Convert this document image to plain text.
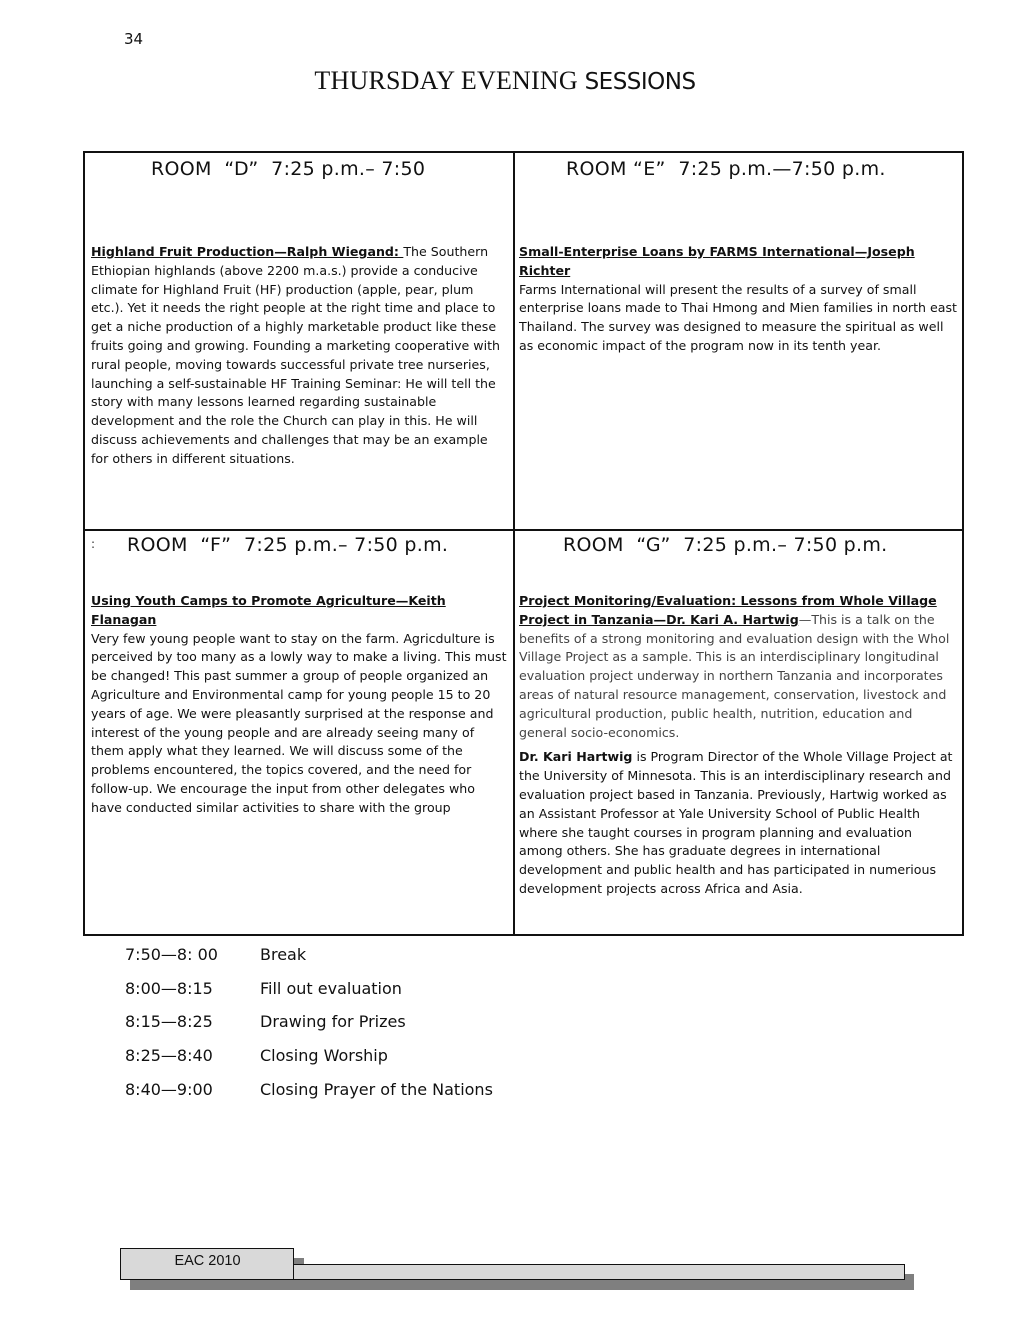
34
THURSDAY EVENING SESSIONS
ROOM  “D”  7:25 p.m.– 7:50

Highland Fruit Production—Ralph Wiegand: The Southern Ethiopian highlands (above 2200 m.a.s.) provide a conducive climate for Highland Fruit (HF) production (apple, pear, plum etc.). Yet it needs the right people at the right time and place to get a niche production of a highly marketable product like these fruits going and growing. Founding a marketing cooperative with rural people, moving towards successful private tree nurseries, launching a self-sustainable HF Training Seminar: He will tell the story with many lessons learned regarding sustainable development and the role the Church can play in this. He will discuss achievements and challenges that may be an example for others in different situations.

ROOM “E”  7:25 p.m.—7:50 p.m.

Small-Enterprise Loans by FARMS International—Joseph Richter
Farms International will present the results of a survey of small enterprise loans made to Thai Hmong and Mien families in north east Thailand. The survey was designed to measure the spiritual as well as economic impact of the program now in its tenth year.

: ROOM  “F”  7:25 p.m.– 7:50 p.m.

Using Youth Camps to Promote Agriculture—Keith Flanagan
Very few young people want to stay on the farm. Agricdulture is perceived by too many as a lowly way to make a living. This must be changed! This past summer a group of people organized an Agriculture and Environmental camp for young people 15 to 20 years of age. We were pleasantly surprised at the response and interest of the young people and are already seeing many of them apply what they learned. We will discuss some of the problems encountered, the topics covered, and the need for follow-up. We encourage the input from other delegates who have conducted similar activities to share with the group

ROOM  “G”  7:25 p.m.– 7:50 p.m.

Project Monitoring/Evaluation: Lessons from Whole Village Project in Tanzania—Dr. Kari A. Hartwig—This is a talk on the benefits of a strong monitoring and evaluation design with the Whol Village Project as a sample. This is an interdisciplinary longitudinal evaluation project underway in northern Tanzania and incorporates areas of natural resource management, conservation, livestock and agricultural production, public health, nutrition, education and general socio-economics.

Dr. Kari Hartwig is Program Director of the Whole Village Project at the University of Minnesota. This is an interdisciplinary research and evaluation project based in Tanzania. Previously, Hartwig worked as an Assistant Professor at Yale University School of Public Health where she taught courses in program planning and evaluation among others. She has graduate degrees in international development and public health and has participated in numerious development projects across Africa and Asia.

7:50—8: 00	Break
8:00—8:15	Fill out evaluation
8:15—8:25	Drawing for Prizes
8:25—8:40	Closing Worship
8:40—9:00	Closing Prayer of the Nations
EAC 2010
